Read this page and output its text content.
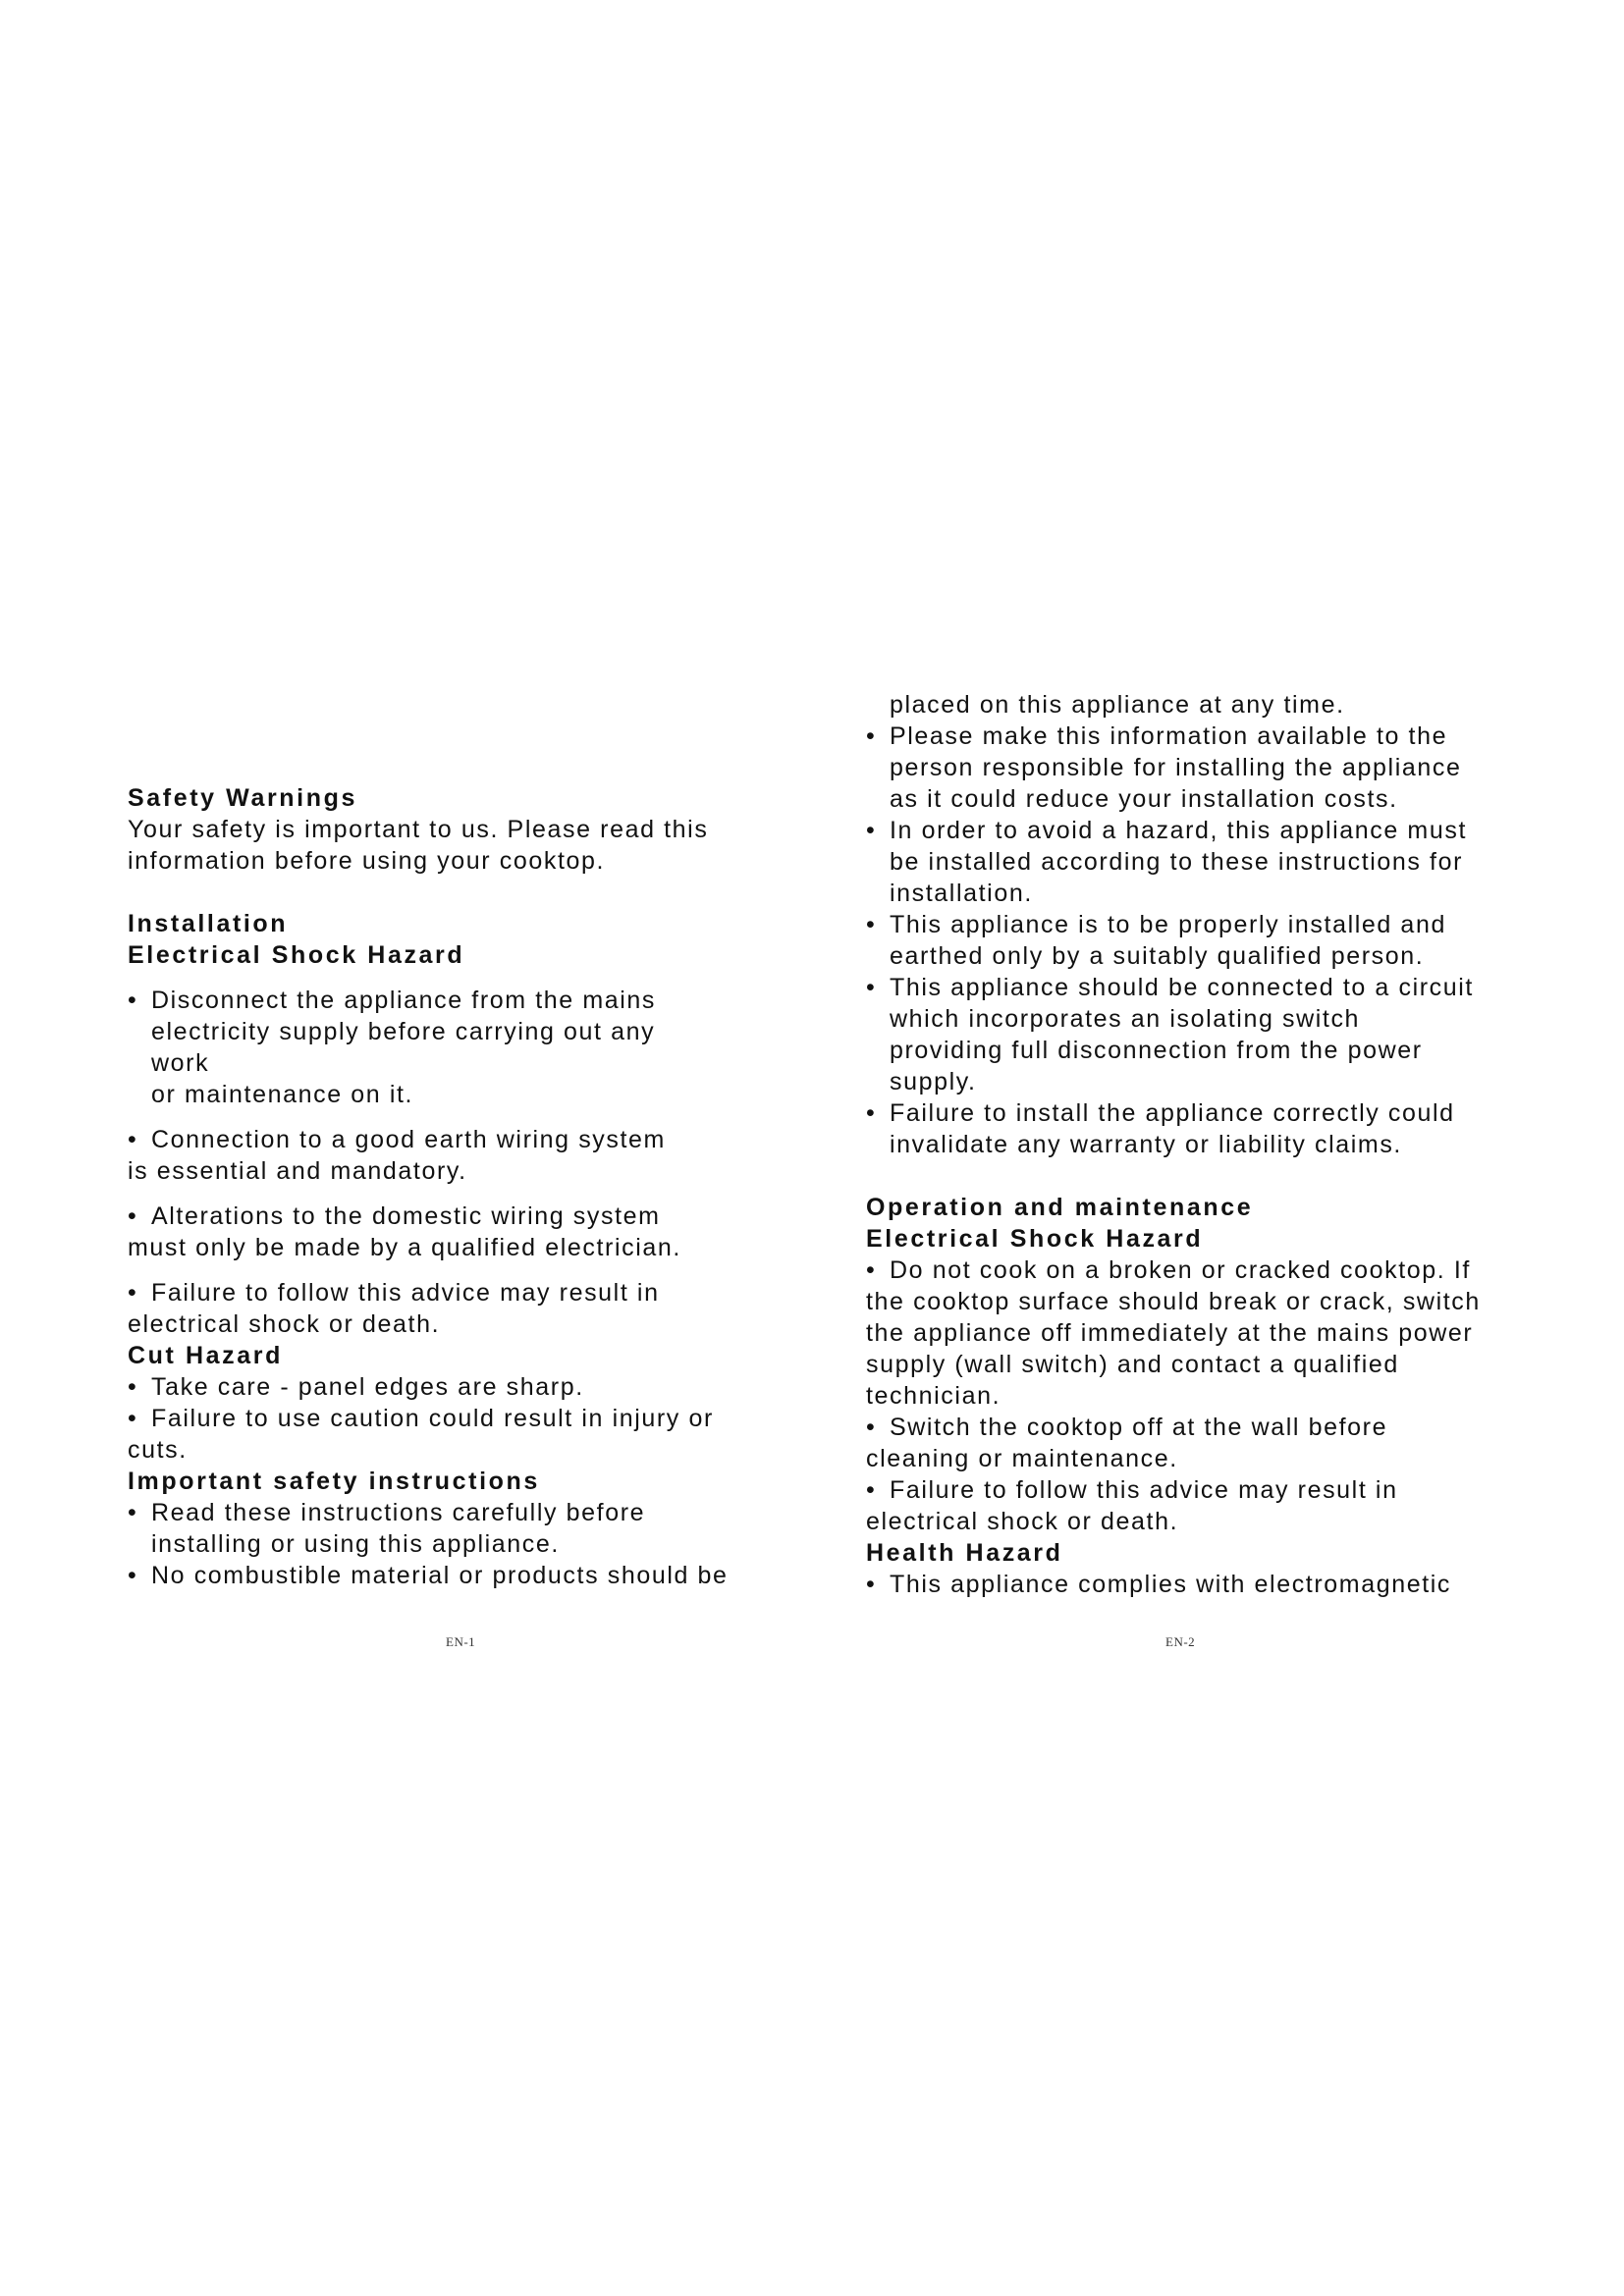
Safety Warnings
Your safety is important to us. Please read this
information before using your cooktop.
Installation
Electrical Shock Hazard
• Disconnect the appliance from the mains
electricity supply before carrying out any
work
or maintenance on it.
• Connection to a good earth wiring system
is essential and mandatory.
• Alterations to the domestic wiring system
must only be made by a qualified electrician.
• Failure to follow this advice may result in
electrical shock or death.
Cut Hazard
• Take care - panel edges are sharp.
• Failure to use caution could result in injury or
cuts.
Important safety instructions
• Read these instructions carefully before
installing or using this appliance.
• No combustible material or products should be
EN-1
placed on this appliance at any time.
• Please make this information available to the
person responsible for installing the appliance
as it could reduce your installation costs.
• In order to avoid a hazard, this appliance must
be installed according to these instructions for
installation.
• This appliance is to be properly installed and
earthed only by a suitably qualified person.
• This appliance should be connected to a circuit
which incorporates an isolating switch
providing full disconnection from the power
supply.
• Failure to install the appliance correctly could
invalidate any warranty or liability claims.
Operation and maintenance
Electrical Shock Hazard
• Do not cook on a broken or cracked cooktop. If
the cooktop surface should break or crack, switch
the appliance off immediately at the mains power
supply (wall switch) and contact a qualified
technician.
• Switch the cooktop off at the wall before
cleaning or maintenance.
• Failure to follow this advice may result in
electrical shock or death.
Health Hazard
• This appliance complies with electromagnetic
EN-2
